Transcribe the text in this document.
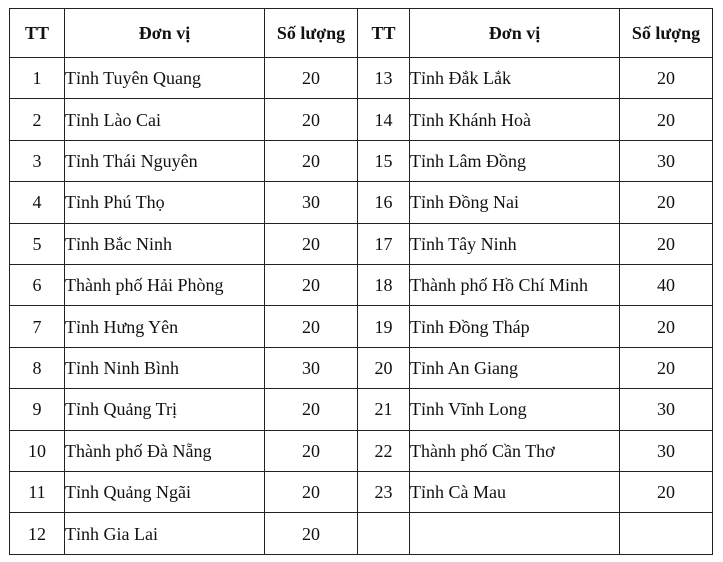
TT	Đơn vị	Số lượng	TT	Đơn vị	Số lượng
1	Tỉnh Tuyên Quang	20	13	Tỉnh Đắk Lắk	20
2	Tỉnh Lào Cai	20	14	Tỉnh Khánh Hoà	20
3	Tỉnh Thái Nguyên	20	15	Tỉnh Lâm Đồng	30
4	Tỉnh Phú Thọ	30	16	Tỉnh Đồng Nai	20
5	Tỉnh Bắc Ninh	20	17	Tỉnh Tây Ninh	20
6	Thành phố Hải Phòng	20	18	Thành phố Hồ Chí Minh	40
7	Tỉnh Hưng Yên	20	19	Tỉnh Đồng Tháp	20
8	Tỉnh Ninh Bình	30	20	Tỉnh An Giang	20
9	Tỉnh Quảng Trị	20	21	Tỉnh Vĩnh Long	30
10	Thành phố Đà Nẵng	20	22	Thành phố Cần Thơ	30
11	Tỉnh Quảng Ngãi	20	23	Tỉnh Cà Mau	20
12	Tỉnh Gia Lai	20			
